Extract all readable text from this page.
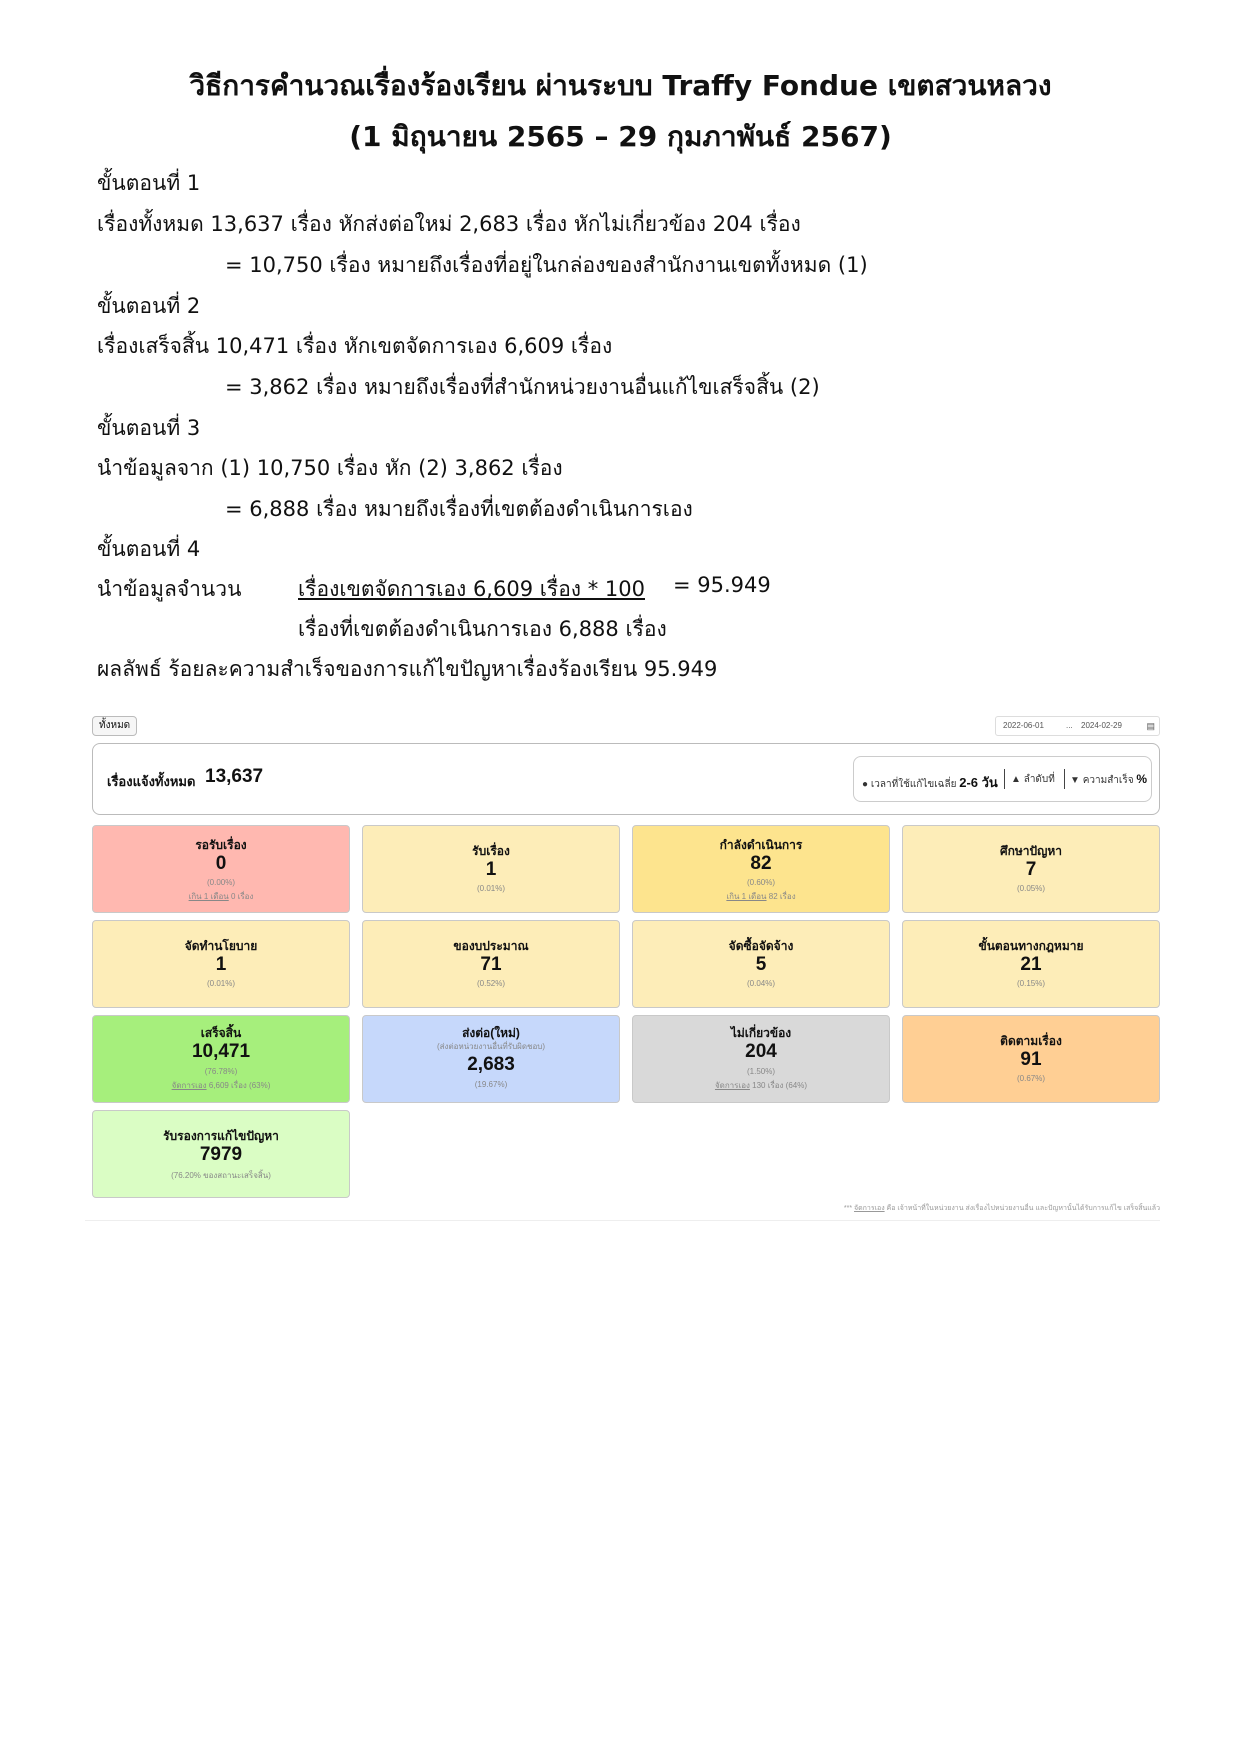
วิธีการคำนวณเรื่องร้องเรียน ผ่านระบบ Traffy Fondue เขตสวนหลวง
(1 มิถุนายน 2565 – 29 กุมภาพันธ์ 2567)
ขั้นตอนที่ 1
เรื่องทั้งหมด 13,637 เรื่อง หักส่งต่อใหม่ 2,683 เรื่อง หักไม่เกี่ยวข้อง 204 เรื่อง
= 10,750 เรื่อง หมายถึงเรื่องที่อยู่ในกล่องของสำนักงานเขตทั้งหมด (1)
ขั้นตอนที่ 2
เรื่องเสร็จสิ้น 10,471 เรื่อง หักเขตจัดการเอง 6,609 เรื่อง
= 3,862 เรื่อง หมายถึงเรื่องที่สำนักหน่วยงานอื่นแก้ไขเสร็จสิ้น (2)
ขั้นตอนที่ 3
นำข้อมูลจาก (1) 10,750 เรื่อง หัก (2) 3,862 เรื่อง
= 6,888 เรื่อง หมายถึงเรื่องที่เขตต้องดำเนินการเอง
ขั้นตอนที่ 4
นำข้อมูลจำนวน	เรื่องเขตจัดการเอง 6,609 เรื่อง * 100 = 95.949
เรื่องที่เขตต้องดำเนินการเอง 6,888 เรื่อง
ผลลัพธ์ ร้อยละความสำเร็จของการแก้ไขปัญหาเรื่องร้องเรียน 95.949
ทั้งหมด	2022-06-01	... 2024-02-29	▤
เรื่องแจ้งทั้งหมด 13,637	● เวลาที่ใช้แก้ไขเฉลี่ย 2-6 วัน ▲ ลำดับที่ ▼ ความสำเร็จ %
รอรับเรื่อง
0
(0.00%)
เกิน 1 เดือน 0 เรื่อง
รับเรื่อง
1
(0.01%)
กำลังดำเนินการ
82
(0.60%)
เกิน 1 เดือน 82 เรื่อง
ศึกษาปัญหา
7
(0.05%)
จัดทำนโยบาย
1
(0.01%)
ของบประมาณ
71
(0.52%)
จัดซื้อจัดจ้าง
5
(0.04%)
ขั้นตอนทางกฎหมาย
21
(0.15%)
เสร็จสิ้น
10,471
(76.78%)
จัดการเอง 6,609 เรื่อง (63%)
ส่งต่อ(ใหม่)
(ส่งต่อหน่วยงานอื่นที่รับผิดชอบ)
2,683
(19.67%)
ไม่เกี่ยวข้อง
204
(1.50%)
จัดการเอง 130 เรื่อง (64%)
ติดตามเรื่อง
91
(0.67%)
รับรองการแก้ไขปัญหา
7979
(76.20% ของสถานะเสร็จสิ้น)
*** จัดการเอง คือ เจ้าหน้าที่ในหน่วยงาน ส่งเรื่องไปหน่วยงานอื่น และปัญหานั้นได้รับการแก้ไข เสร็จสิ้นแล้ว
